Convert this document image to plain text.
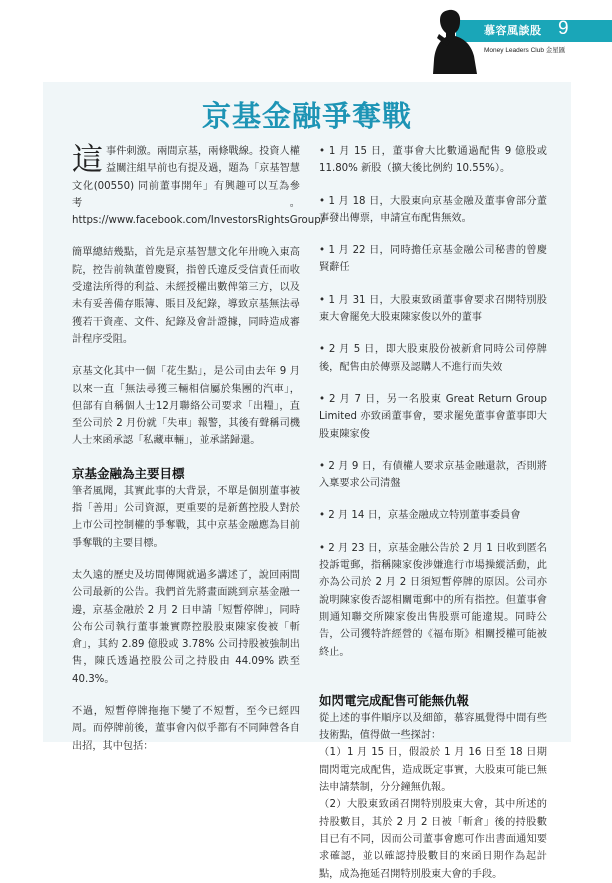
慕容風談股 9
Money Leaders Club 金星匯
京基金融爭奪戰

這事件刺激。兩間京基，兩條戰線。投資人權益關注組早前也有提及過，題為「京基智慧文化(00550) 同前董事開年」有興趣可以互為參考。https://www.facebook.com/InvestorsRightsGroup/

簡單總結幾點，首先是京基智慧文化年卅晚入東高院，控告前執董曾慶賢，指曾氏違反受信責任而收受違法所得的利益、未經授權出數俾第三方，以及未有妥善備存賬簿、賬目及紀錄，導致京基無法尋獲若干資產、文件、紀錄及會計證據，同時造成審計程序受阻。

京基文化其中一個「花生點」，是公司由去年 9 月以來一直「無法尋獲三輛相信屬於集團的汽車」，但部有自稱個人士12月聯絡公司要求「出糧」，直至公司於 2 月份就「失車」報警，其後有聲稱司機人士來函承認「私藏車輛」，並承諾歸還。

京基金融為主要目標

筆者風聞，其實此事的大背景，不單是個別董事被指「善用」公司資源，更重要的是新舊控股人對於上市公司控制權的爭奪戰，其中京基金融應為目前爭奪戰的主要目標。

太久遠的歷史及坊間傳聞就過多講述了，說回兩間公司最新的公告。我們首先將畫面跳到京基金融一邊，京基金融於 2 月 2 日申請「短暫停牌」，同時公布公司執行董事兼實際控股股東陳家俊被「斬倉」，其約 2.89 億股或 3.78% 公司持股被強制出售，陳氏透過控股公司之持股由 44.09% 跌至 40.3%。

不過，短暫停牌拖拖下變了不短暫，至今已經四周。而停牌前後，董事會內似乎都有不同陣營各自出招，其中包括：

• 1 月 15 日，董事會大比數通過配售 9 億股或 11.80% 新股（擴大後比例約 10.55%）。

• 1 月 18 日，大股東向京基金融及董事會部分董事發出傳票，申請宣布配售無效。

• 1 月 22 日，同時擔任京基金融公司秘書的曾慶賢辭任

• 1 月 31 日，大股東致函董事會要求召開特別股東大會罷免大股東陳家俊以外的董事

• 2 月 5 日，即大股東股份被新倉同時公司停牌後，配售由於傳票及認購人不進行而失效

• 2 月 7 日，另一名股東 Great Return Group Limited 亦致函董事會，要求罷免董事會董事即大股東陳家俊

• 2 月 9 日，有債權人要求京基金融還款，否則將入稟要求公司清盤

• 2 月 14 日，京基金融成立特別董事委員會

• 2 月 23 日，京基金融公告於 2 月 1 日收到匿名投訴電郵，指稱陳家俊涉嫌進行市場操縱活動，此亦為公司於 2 月 2 日須短暫停牌的原因。公司亦說明陳家俊否認相關電郵中的所有指控。但董事會則通知聯交所陳家俊出售股票可能違規。同時公告，公司獲特許經營的《福布斯》相關授權可能被終止。

如閃電完成配售可能無仇報

從上述的事件順序以及細節，慕容風覺得中間有些技術點，值得做一些探討：

（1）1 月 15 日，假設於 1 月 16 日至 18 日期間閃電完成配售，造成既定事實，大股東可能已無法申請禁制，分分鐘無仇報。

（2）大股東致函召開特別股東大會，其中所述的持股數目，其於 2 月 2 日被「斬倉」後的持股數目已有不同，因而公司董事會應可作出書面通知要求確認，並以確認持股數目的來函日期作為起計點，成為拖延召開特別股東大會的手段。
